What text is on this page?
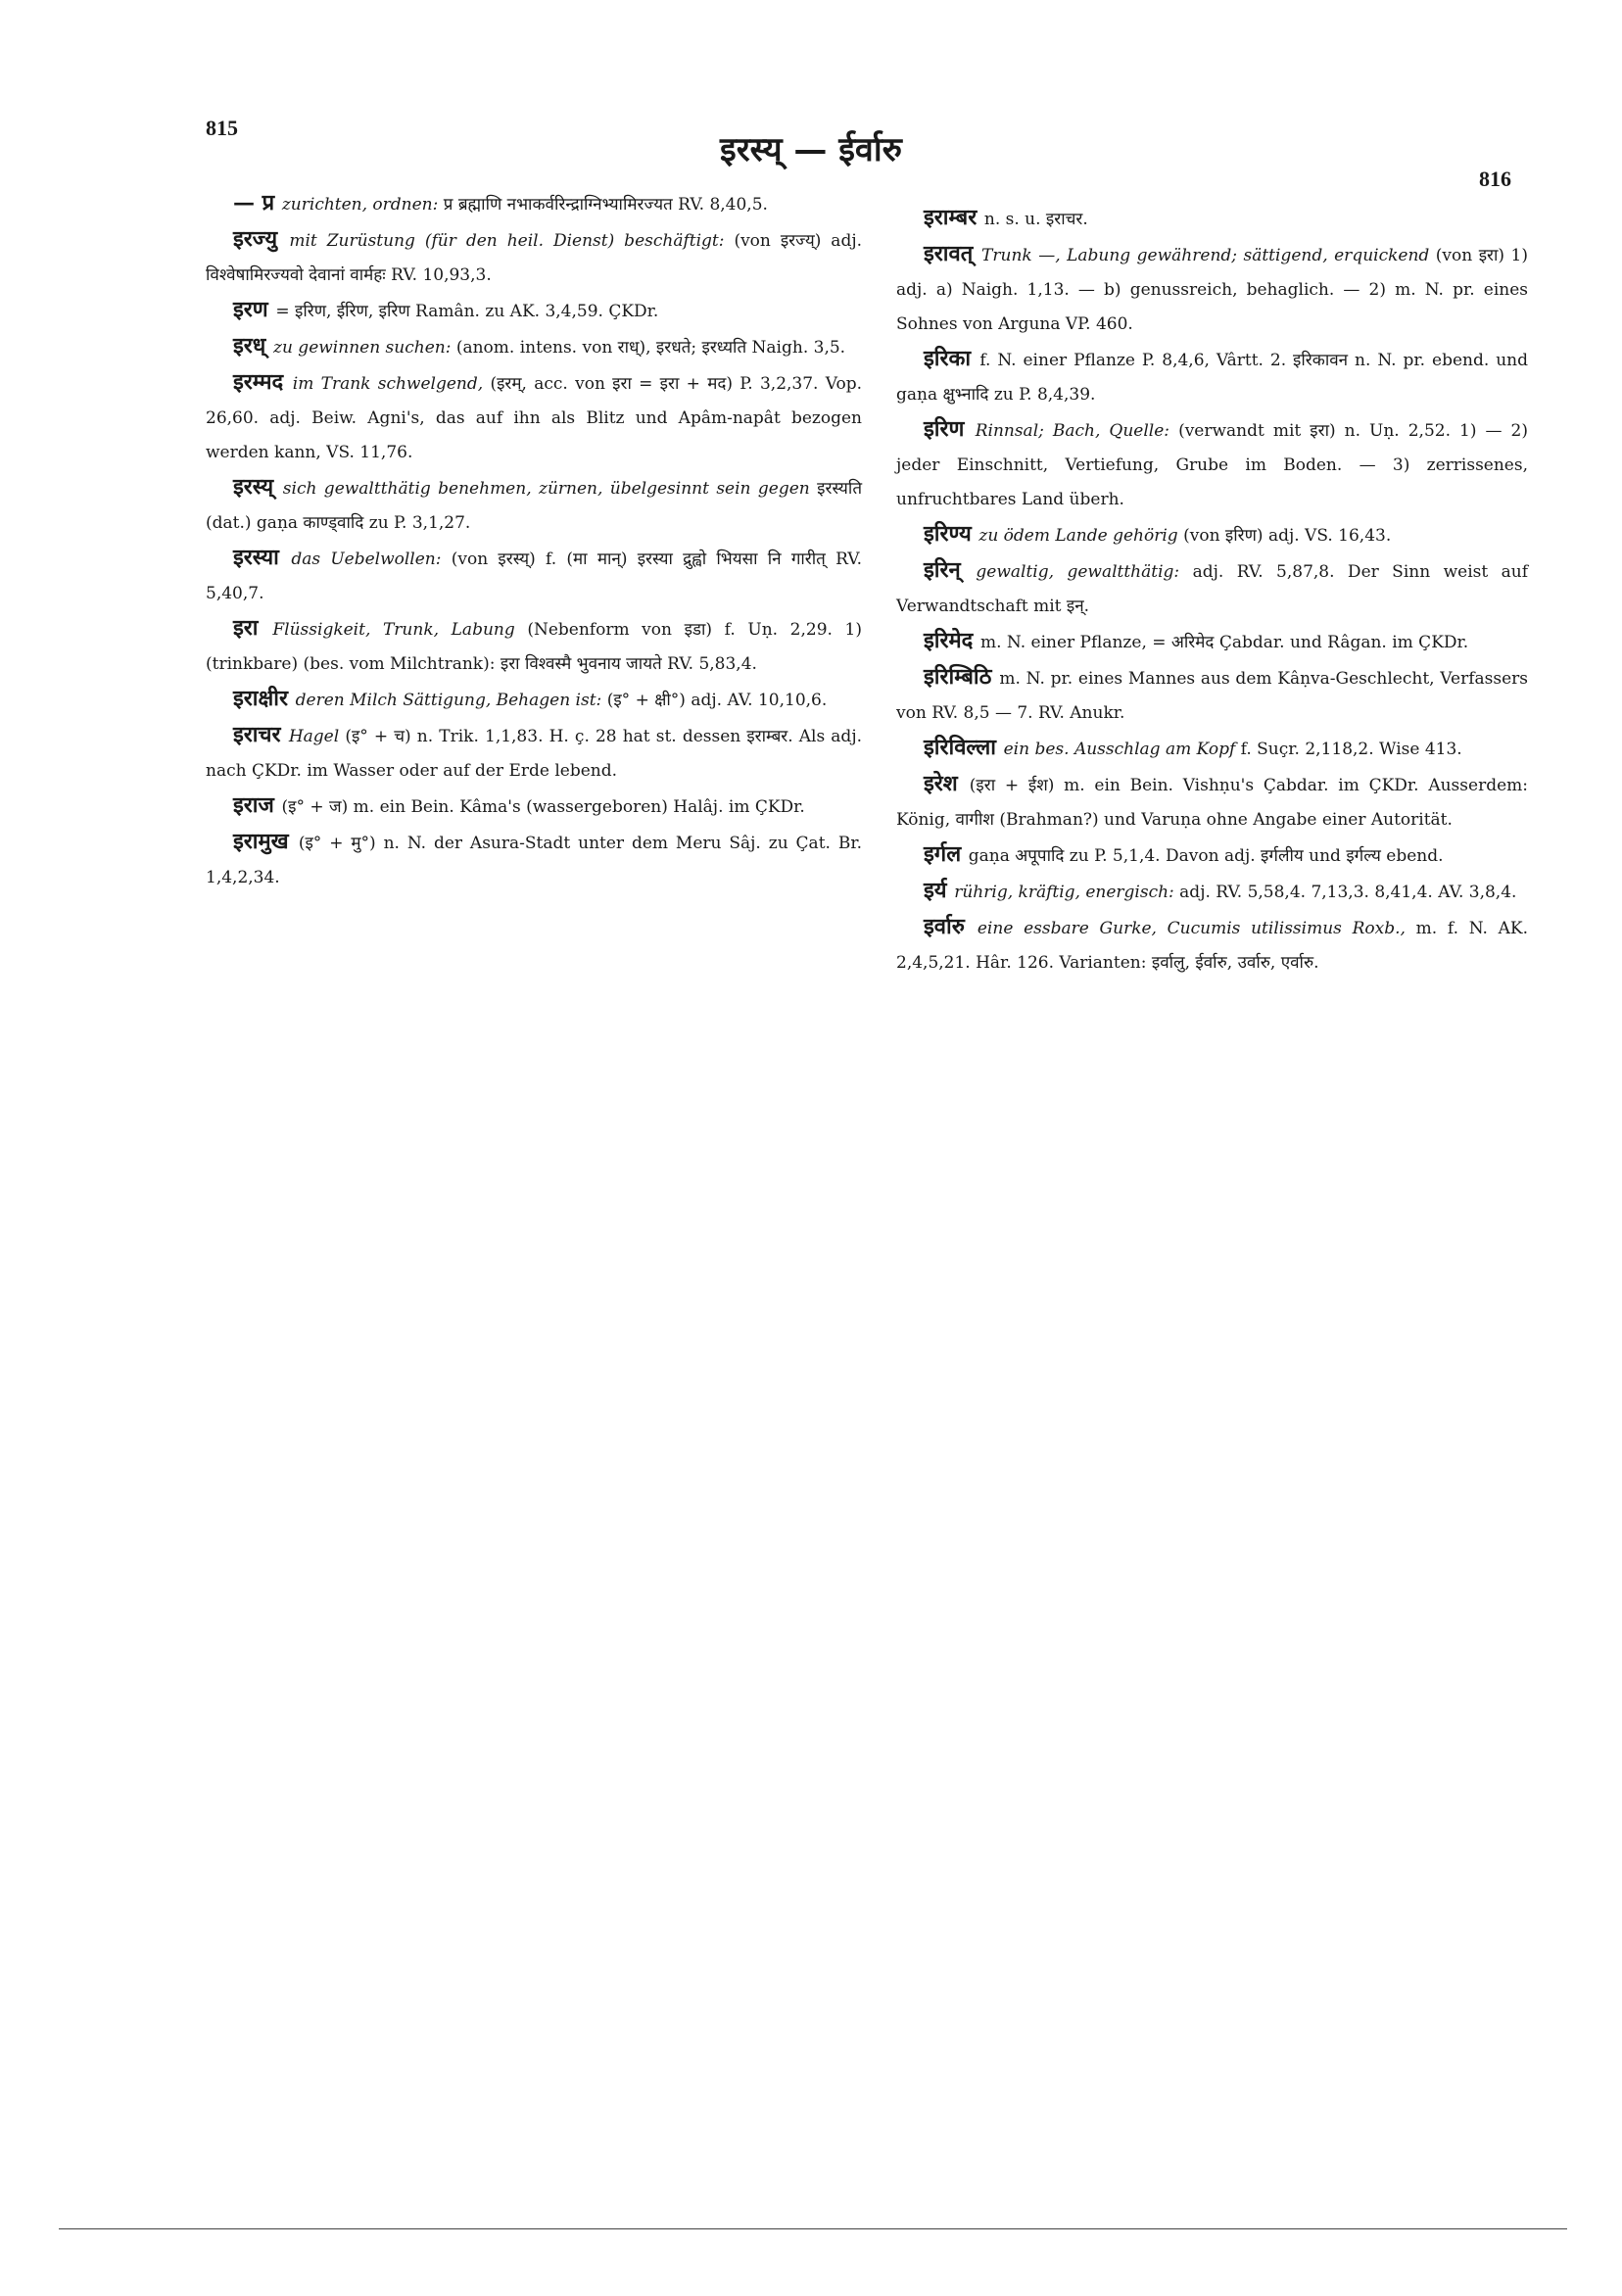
815
इरस्य् — ईर्वारु
816
— प्र zurichten, ordnen: प्र ब्रह्माणि नभाकर्वरिन्द्राग्निभ्यामिरज्यत RV. 8,40,5.
इरज्यु mit Zurüstung (für den heil. Dienst) beschäftigt: (von इरज्य्) adj. विश्वेषामिरज्यवो देवानां वार्महः RV. 10,93,3.
इरण = इरिण, ईरिण, इरिण Ramân. zu AK. 3,4,59. ÇKDr.
इरध् zu gewinnen suchen: (anom. intens. von राध्), इरधते; इरध्यति Naigh. 3,5.
इरम्मद im Trank schwelgend, (इरम्, acc. von इरा = इरा + मद) P. 3,2,37. Vop. 26,60. adj. Beiw. Agni's, das auf ihn als Blitz und Apâm-napât bezogen werden kann, VS. 11,76.
इरस्य् sich gewaltthätig benehmen, zürnen, übelgesinnt sein gegen इरस्यति (dat.) gaṇa काण्ड्वादि zu P. 3,1,27.
इरस्या das Uebelwollen: (von इरस्य्) f. (मा मान्) इरस्या द्रुह्वो भियसा नि गारीत् RV. 5,40,7.
इरा Flüssigkeit, Trunk, Labung (Nebenform von इडा) f. Uṇ. 2,29. 1) (trinkbare) (bes. vom Milchtrank): इरा विश्वस्मै भुवनाय जायते RV. 5,83,4.
इराक्षीर deren Milch Sättigung, Behagen ist: (इ° + क्षी°) adj. AV. 10,10,6.
इराचर Hagel (इ° + च) n. Trik. 1,1,83. H. ç. 28 hat st. dessen इराम्बर. Als adj. nach ÇKDr. im Wasser oder auf der Erde lebend.
इराज (इ° + ज) m. ein Bein. Kâma's (wassergeboren) Halâj. im ÇKDr.
इरामुख (इ° + मु°) n. N. der Asura-Stadt unter dem Meru Sâj. zu Çat. Br. 1,4,2,34.
इराम्बर n. s. u. इराचर.
इरावत् Trunk —, Labung gewährend; sättigend, erquickend (von इरा) 1) adj. a) Naigh. 1,13. — b) genussreich, behaglich. — 2) m. N. pr. eines Sohnes von Arguna VP. 460.
इरिका f. N. einer Pflanze P. 8,4,6, Vârtt. 2. इरिकावन n. N. pr. ebend. und gaṇa क्षुभ्नादि zu P. 8,4,39.
इरिण Rinnsal; Bach, Quelle: (verwandt mit इरा) n. Uṇ. 2,52. 1) — 2) jeder Einschnitt, Vertiefung, Grube im Boden. — 3) zerrissenes, unfruchtbares Land überh.
इरिण्य zu ödem Lande gehörig (von इरिण) adj. VS. 16,43.
इरिन् gewaltig, gewaltthätig: adj. RV. 5,87,8. Der Sinn weist auf Verwandtschaft mit इन्.
इरिमेद m. N. einer Pflanze, = अरिमेद Çabdar. und Râgan. im ÇKDr.
इरिम्बिठि m. N. pr. eines Mannes aus dem Kâṇva-Geschlecht, Verfassers von RV. 8,5 — 7. RV. Anukr.
इरिविल्ला ein bes. Ausschlag am Kopf f. Suçr. 2,118,2. Wise 413.
इरेश (इरा + ईश) m. ein Bein. Vishṇu's Çabdar. im ÇKDr. Ausserdem: König, वागीश (Brahman?) und Varuṇa ohne Angabe einer Autorität.
इर्गल gaṇa अपूपादि zu P. 5,1,4. Davon adj. इर्गलीय und इर्गल्य ebend.
इर्य rührig, kräftig, energisch: adj. RV. 5,58,4. 7,13,3. 8,41,4. AV. 3,8,4.
इर्वारु eine essbare Gurke, Cucumis utilissimus Roxb., m. f. N. AK. 2,4,5,21. Hâr. 126. Varianten: इर्वालु, ईर्वारु, उर्वारु, एर्वारु.
